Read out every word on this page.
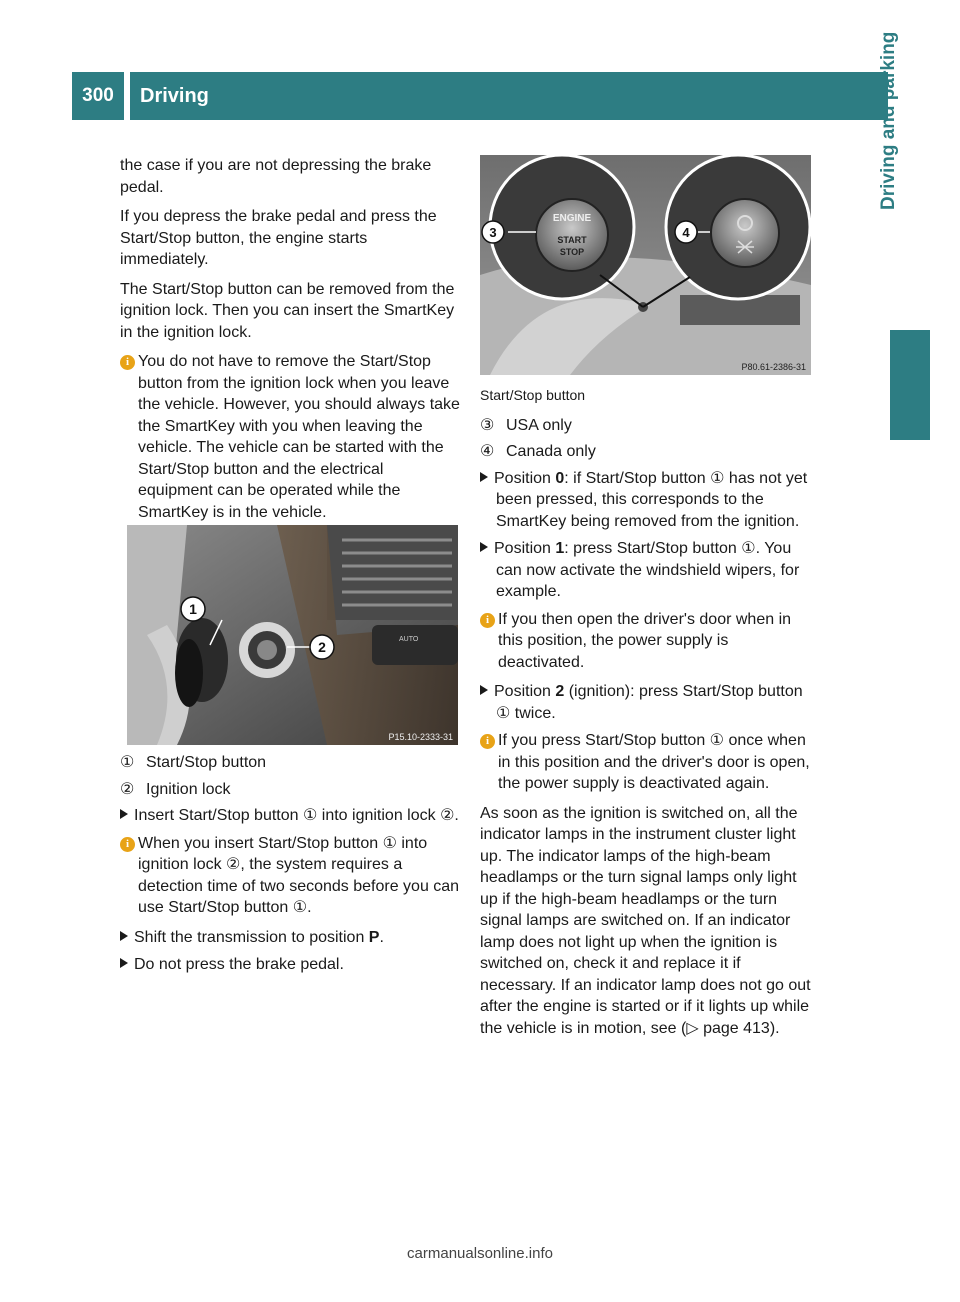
300	Driving	Driving and parking

the case if you are not depressing the brake pedal.

If you depress the brake pedal and press the Start/Stop button, the engine starts immediately.

The Start/Stop button can be removed from the ignition lock. Then you can insert the SmartKey in the ignition lock.

i You do not have to remove the Start/Stop button from the ignition lock when you leave the vehicle. However, you should always take the SmartKey with you when leaving the vehicle. The vehicle can be started with the Start/Stop button and the electrical equipment can be operated while the SmartKey is in the vehicle.

AUTO
1
2
P15.10-2333-31

① Start/Stop button

② Ignition lock

Insert Start/Stop button ① into ignition lock ②.

i When you insert Start/Stop button ① into ignition lock ②, the system requires a detection time of two seconds before you can use Start/Stop button ①.

Shift the transmission to position P.

Do not press the brake pedal.

ENGINE
START
STOP
3	4
P80.61-2386-31

Start/Stop button

③ USA only

④ Canada only

Position 0: if Start/Stop button ① has not yet been pressed, this corresponds to the SmartKey being removed from the ignition.

Position 1: press Start/Stop button ①. You can now activate the windshield wipers, for example.

i If you then open the driver's door when in this position, the power supply is deactivated.

Position 2 (ignition): press Start/Stop button ① twice.

i If you press Start/Stop button ① once when in this position and the driver's door is open, the power supply is deactivated again.

As soon as the ignition is switched on, all the indicator lamps in the instrument cluster light up. The indicator lamps of the high-beam headlamps or the turn signal lamps only light up if the high-beam headlamps or the turn signal lamps are switched on. If an indicator lamp does not light up when the ignition is switched on, check it and replace it if necessary. If an indicator lamp does not go out after the engine is started or if it lights up while the vehicle is in motion, see (▷ page 413).

carmanualsonline.info
